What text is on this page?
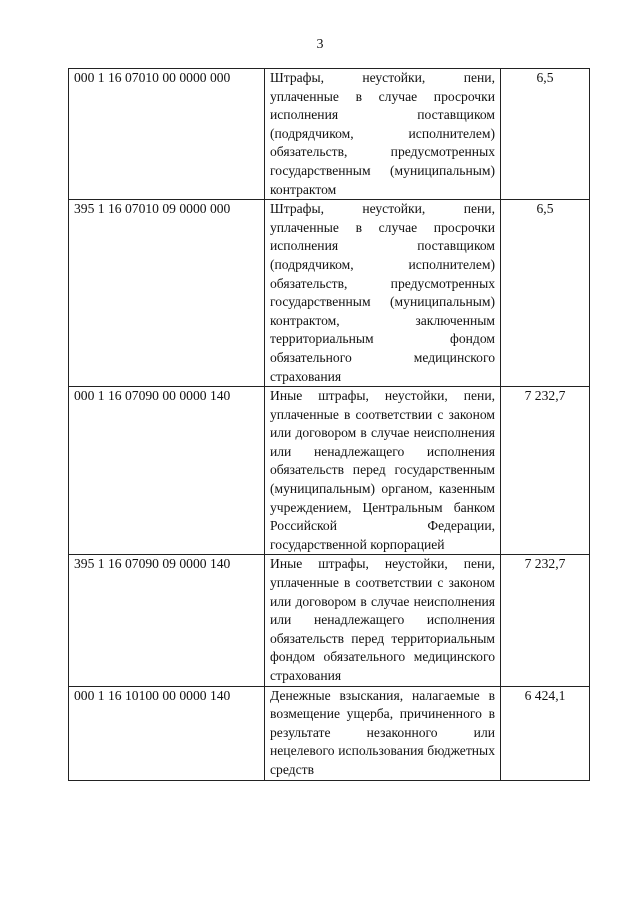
3
000 1 16 07010 00 0000 000	Штрафы, неустойки, пени, уплаченные в случае просрочки исполнения поставщиком (подрядчиком, исполнителем) обязательств, предусмотренных государственным (муниципальным) контрактом	6,5
395 1 16 07010 09 0000 000	Штрафы, неустойки, пени, уплаченные в случае просрочки исполнения поставщиком (подрядчиком, исполнителем) обязательств, предусмотренных государственным (муниципальным) контрактом, заключенным территориальным фондом обязательного медицинского страхования	6,5
000 1 16 07090 00 0000 140	Иные штрафы, неустойки, пени, уплаченные в соответствии с законом или договором в случае неисполнения или ненадлежащего исполнения обязательств перед государственным (муниципальным) органом, казенным учреждением, Центральным банком Российской Федерации, государственной корпорацией	7 232,7
395 1 16 07090 09 0000 140	Иные штрафы, неустойки, пени, уплаченные в соответствии с законом или договором в случае неисполнения или ненадлежащего исполнения обязательств перед территориальным фондом обязательного медицинского страхования	7 232,7
000 1 16 10100 00 0000 140	Денежные взыскания, налагаемые в возмещение ущерба, причиненного в результате незаконного или нецелевого использования бюджетных средств	6 424,1
